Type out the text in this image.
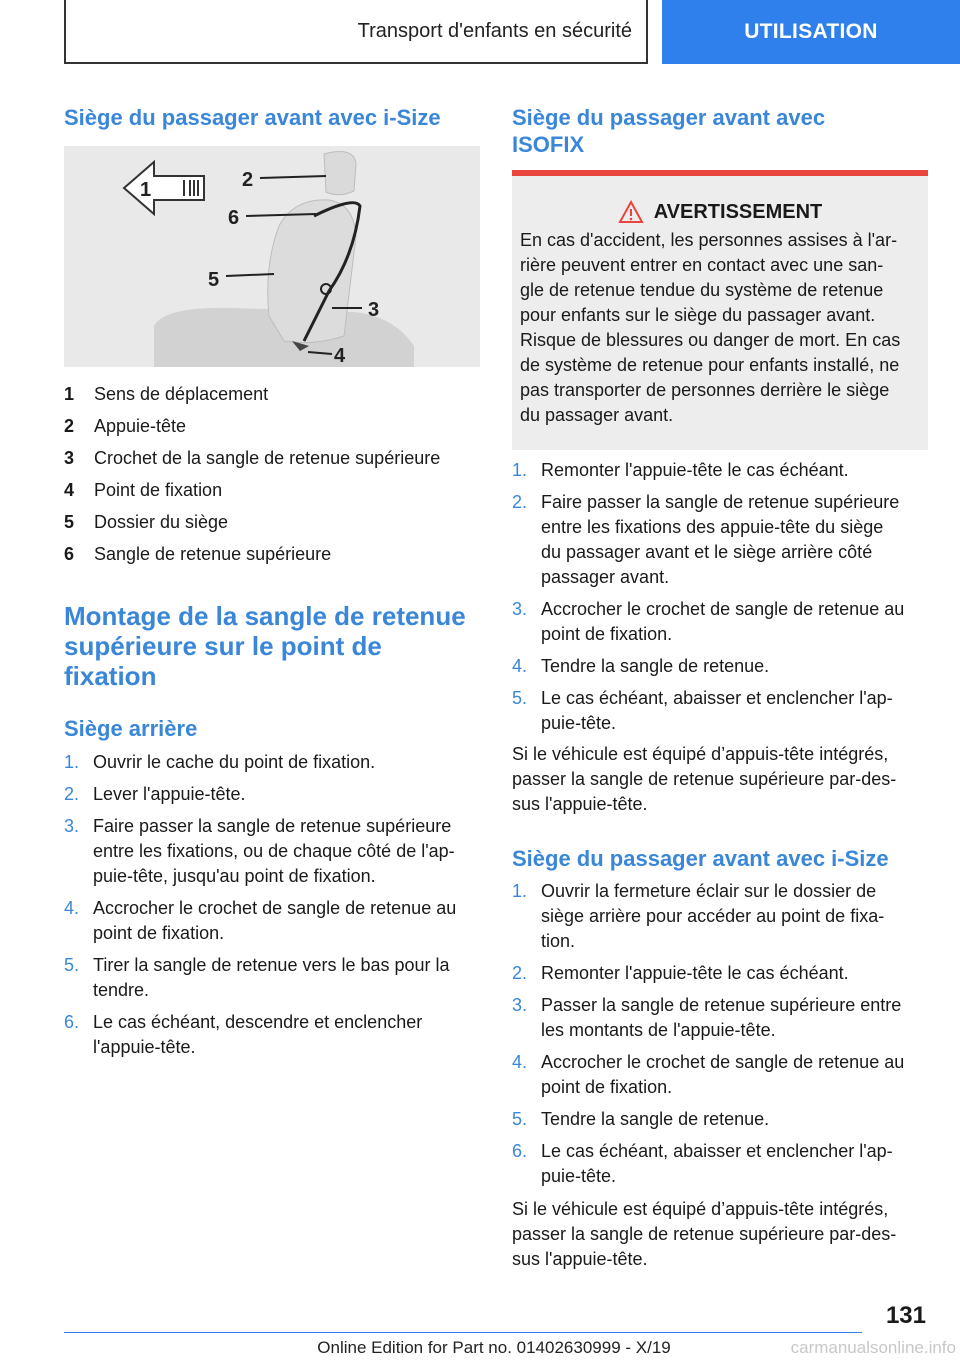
Transport d'enfants en sécurité	UTILISATION
Siège du passager avant avec i-Size
1	2
6
5
3
4
1	Sens de déplacement
2	Appuie-tête
3	Crochet de la sangle de retenue supérieure
4	Point de fixation
5	Dossier du siège
6	Sangle de retenue supérieure
Montage de la sangle de retenue
supérieure sur le point de
fixation
Siège arrière
1. Ouvrir le cache du point de fixation.
2. Lever l'appuie-tête.
3. Faire passer la sangle de retenue supérieure
entre les fixations, ou de chaque côté de l'ap‐
puie-tête, jusqu'au point de fixation.
4. Accrocher le crochet de sangle de retenue au
point de fixation.
5. Tirer la sangle de retenue vers le bas pour la
tendre.
6. Le cas échéant, descendre et enclencher
l'appuie-tête.
Siège du passager avant avec
ISOFIX
AVERTISSEMENT
En cas d'accident, les personnes assises à l'ar‐
rière peuvent entrer en contact avec une san‐
gle de retenue tendue du système de retenue
pour enfants sur le siège du passager avant.
Risque de blessures ou danger de mort. En cas
de système de retenue pour enfants installé, ne
pas transporter de personnes derrière le siège
du passager avant.
1. Remonter l'appuie-tête le cas échéant.
2. Faire passer la sangle de retenue supérieure
entre les fixations des appuie-tête du siège
du passager avant et le siège arrière côté
passager avant.
3. Accrocher le crochet de sangle de retenue au
point de fixation.
4. Tendre la sangle de retenue.
5. Le cas échéant, abaisser et enclencher l'ap‐
puie-tête.

Si le véhicule est équipé d’appuis-tête intégrés,
passer la sangle de retenue supérieure par-des‐
sus l'appuie-tête.

Siège du passager avant avec i-Size
1. Ouvrir la fermeture éclair sur le dossier de
siège arrière pour accéder au point de fixa‐
tion.
2. Remonter l'appuie-tête le cas échéant.
3. Passer la sangle de retenue supérieure entre
les montants de l'appuie-tête.
4. Accrocher le crochet de sangle de retenue au
point de fixation.
5. Tendre la sangle de retenue.
6. Le cas échéant, abaisser et enclencher l'ap‐
puie-tête.

Si le véhicule est équipé d’appuis-tête intégrés,
passer la sangle de retenue supérieure par-des‐
sus l'appuie-tête.

131
Online Edition for Part no. 01402630999 - X/19	carmanualsonline.info
